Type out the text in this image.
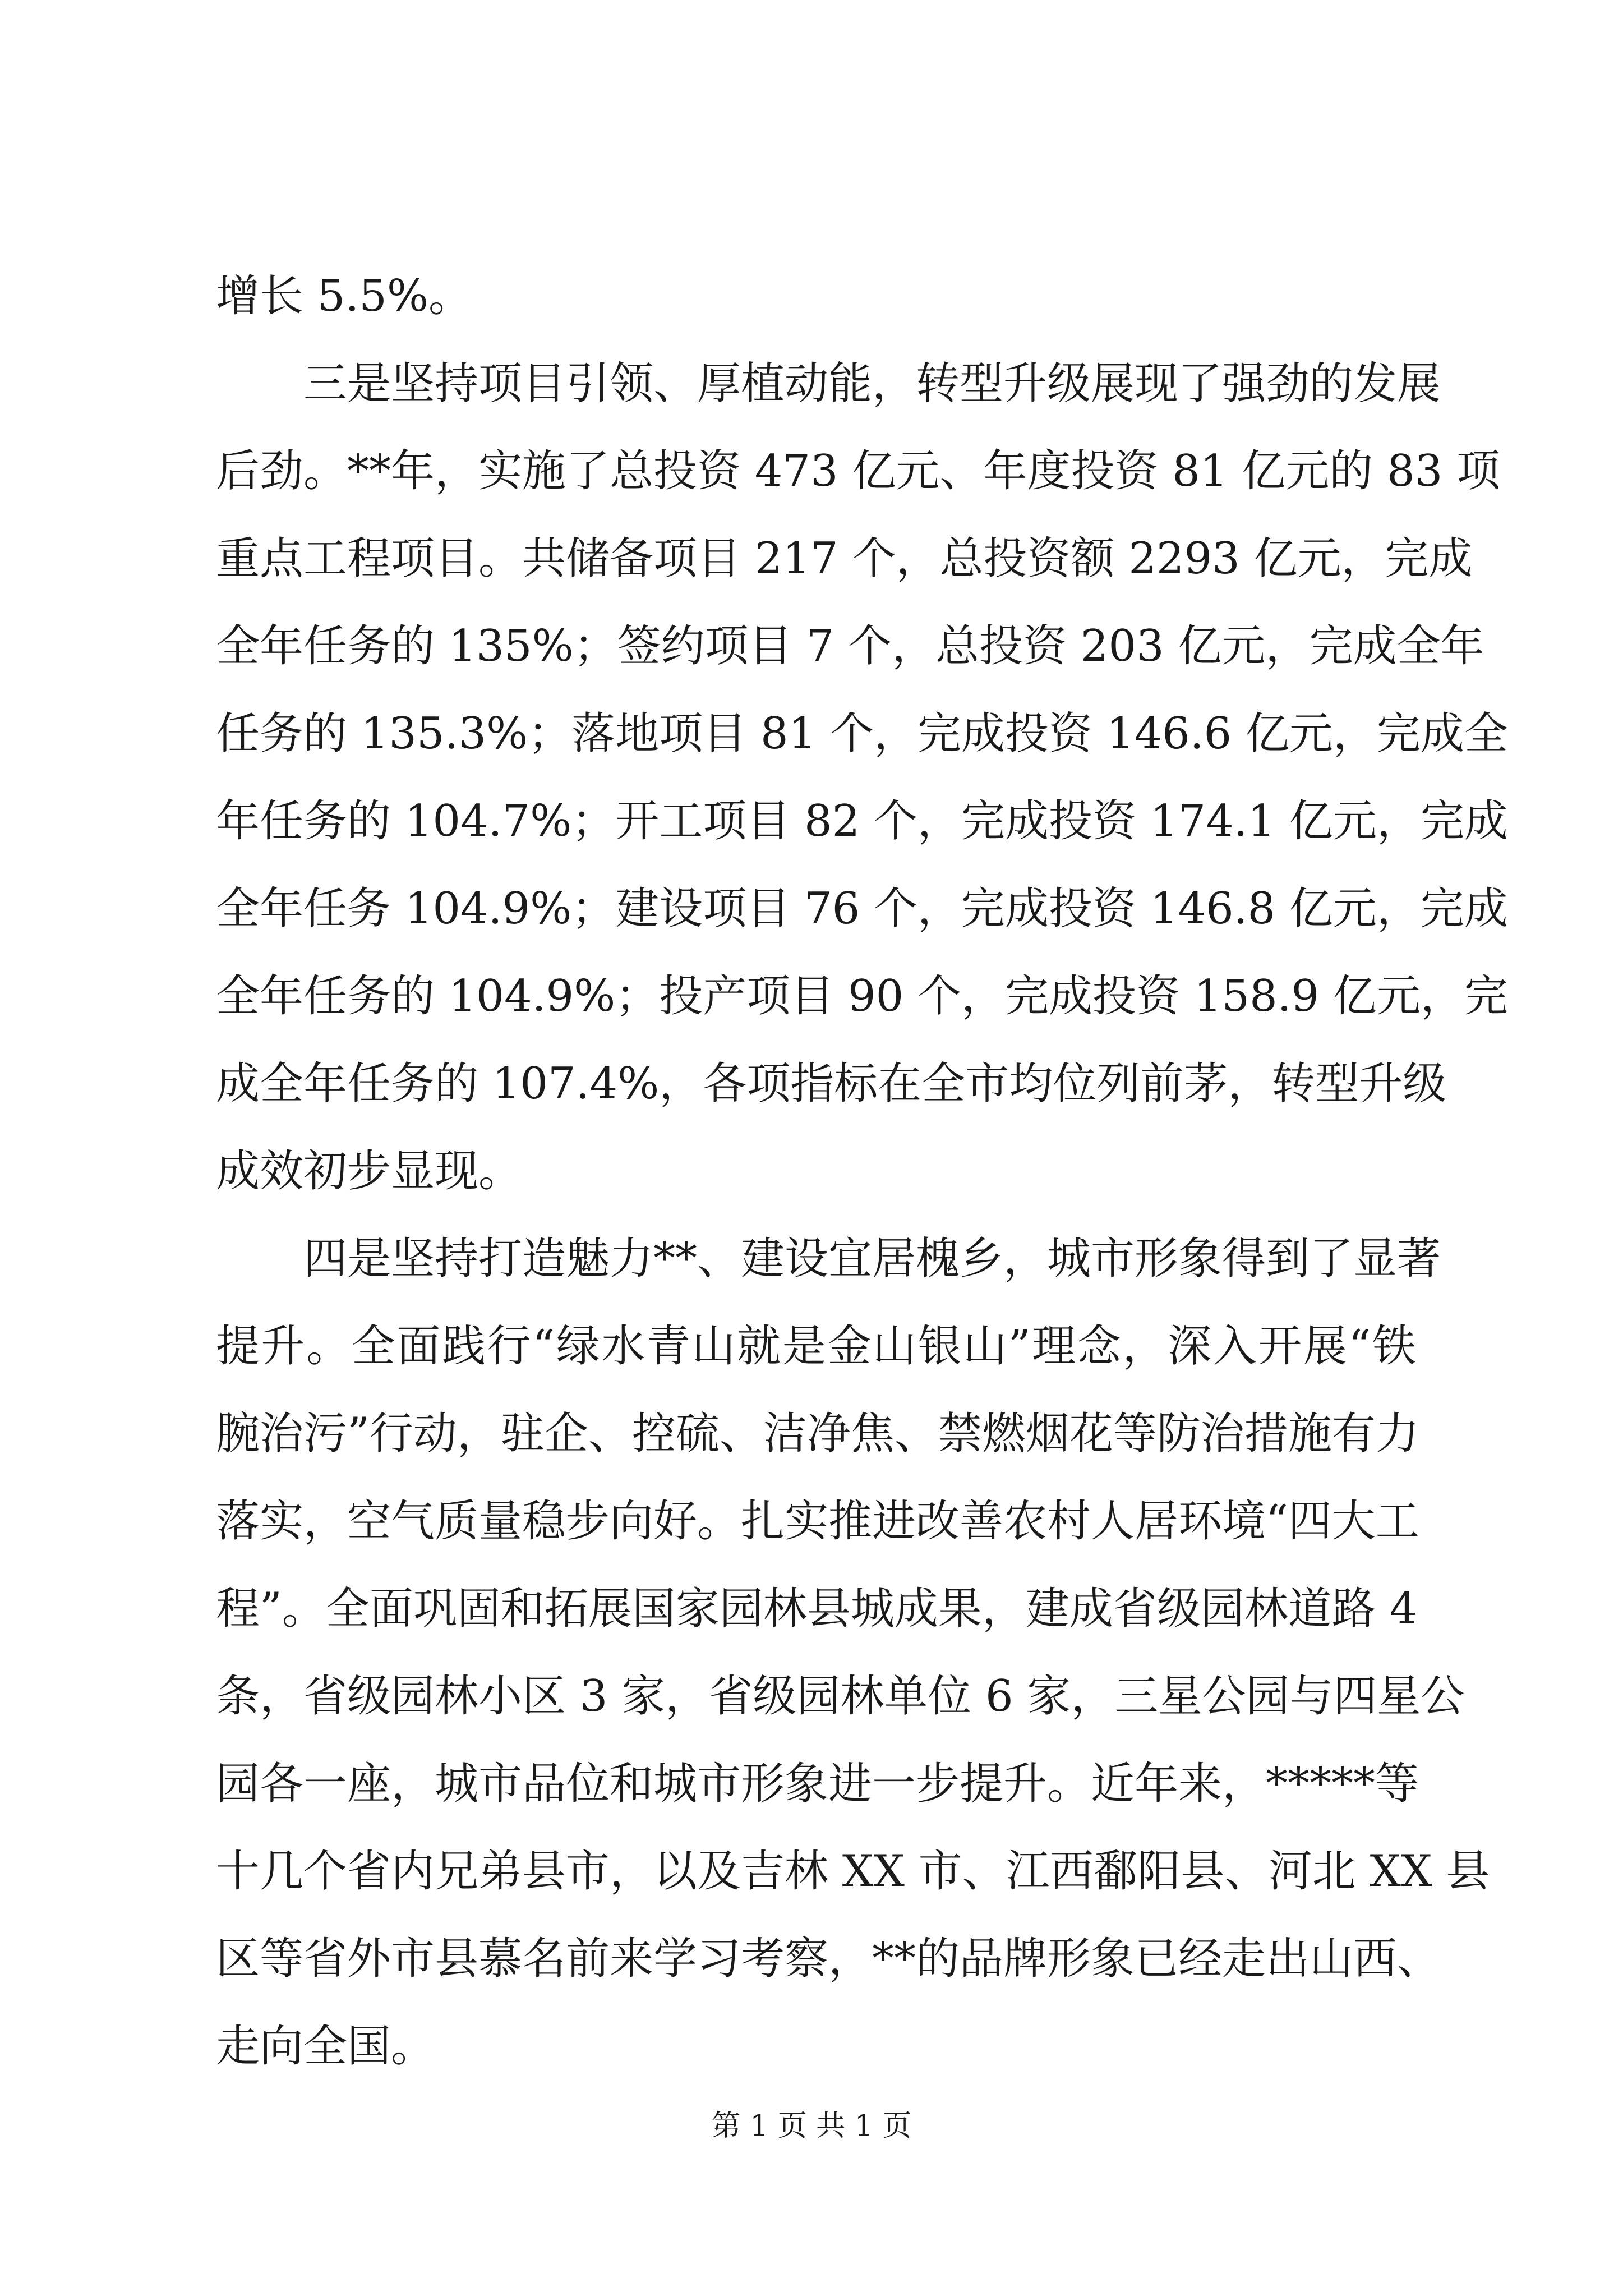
增长 5.5%。
三是坚持项目引领、厚植动能，转型升级展现了强劲的发展
后劲。**年，实施了总投资 473 亿元、年度投资 81 亿元的 83 项
重点工程项目。共储备项目 217 个，总投资额 2293 亿元，完成
全年任务的 135%；签约项目 7 个，总投资 203 亿元，完成全年
任务的 135.3%；落地项目 81 个，完成投资 146.6 亿元，完成全
年任务的 104.7%；开工项目 82 个，完成投资 174.1 亿元，完成
全年任务 104.9%；建设项目 76 个，完成投资 146.8 亿元，完成
全年任务的 104.9%；投产项目 90 个，完成投资 158.9 亿元，完
成全年任务的 107.4%，各项指标在全市均位列前茅，转型升级
成效初步显现。
四是坚持打造魅力**、建设宜居槐乡，城市形象得到了显著
提升。全面践行“绿水青山就是金山银山”理念，深入开展“铁
腕治污”行动，驻企、控硫、洁净焦、禁燃烟花等防治措施有力
落实，空气质量稳步向好。扎实推进改善农村人居环境“四大工
程”。全面巩固和拓展国家园林县城成果，建成省级园林道路 4
条，省级园林小区 3 家，省级园林单位 6 家，三星公园与四星公
园各一座，城市品位和城市形象进一步提升。近年来，*****等
十几个省内兄弟县市，以及吉林 XX 市、江西鄱阳县、河北 XX 县
区等省外市县慕名前来学习考察，**的品牌形象已经走出山西、
走向全国。
第 1 页 共 1 页
